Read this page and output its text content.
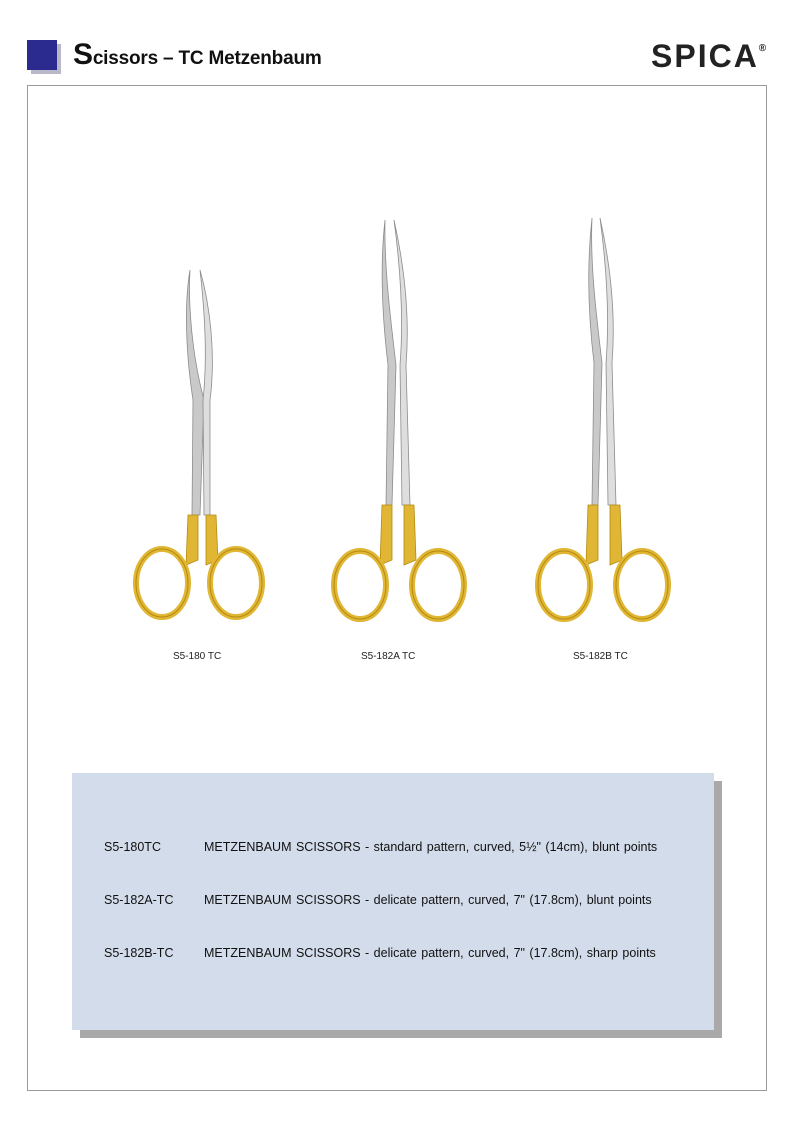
Scissors – TC Metzenbaum	SPICA®
S5-180 TC	S5-182A TC	S5-182B TC
S5-180TC	METZENBAUM SCISSORS - standard pattern, curved, 5½" (14cm), blunt points
S5-182A-TC METZENBAUM SCISSORS - delicate pattern, curved, 7" (17.8cm), blunt points
S5-182B-TC METZENBAUM SCISSORS - delicate pattern, curved, 7" (17.8cm), sharp points
